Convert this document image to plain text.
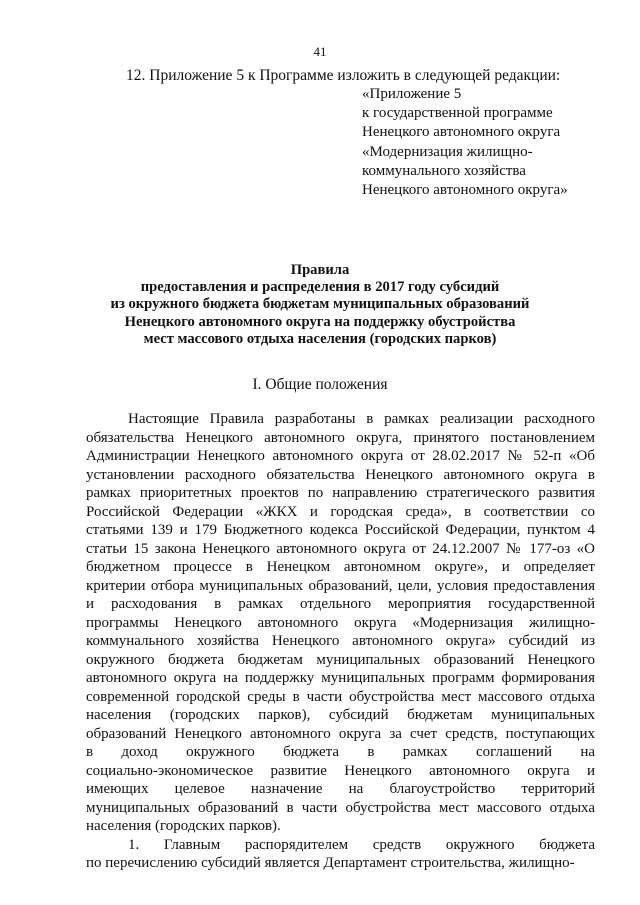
41
12. Приложение 5 к Программе изложить в следующей редакции:
«Приложение 5
к государственной программе
Ненецкого автономного округа
«Модернизация жилищно-
коммунального хозяйства
Ненецкого автономного округа»
Правила
предоставления и распределения в 2017 году субсидий
из окружного бюджета бюджетам муниципальных образований
Ненецкого автономного округа на поддержку обустройства
мест массового отдыха населения (городских парков)
I. Общие положения
Настоящие Правила разработаны в рамках реализации расходного
обязательства Ненецкого автономного округа, принятого постановлением
Администрации Ненецкого автономного округа от 28.02.2017 № 52-п «Об
установлении расходного обязательства Ненецкого автономного округа в
рамках приоритетных проектов по направлению стратегического развития
Российской Федерации «ЖКХ и городская среда», в соответствии со
статьями 139 и 179 Бюджетного кодекса Российской Федерации, пунктом 4
статьи 15 закона Ненецкого автономного округа от 24.12.2007 № 177-оз «О
бюджетном процессе в Ненецком автономном округе», и определяет
критерии отбора муниципальных образований, цели, условия предоставления
и расходования в рамках отдельного мероприятия государственной
программы Ненецкого автономного округа «Модернизация жилищно-
коммунального хозяйства Ненецкого автономного округа» субсидий из
окружного бюджета бюджетам муниципальных образований Ненецкого
автономного округа на поддержку муниципальных программ формирования
современной городской среды в части обустройства мест массового отдыха
населения (городских парков), субсидий бюджетам муниципальных
образований Ненецкого автономного округа за счет средств, поступающих
в доход окружного бюджета в рамках соглашений на
социально-экономическое развитие Ненецкого автономного округа и
имеющих целевое назначение на благоустройство территорий
муниципальных образований в части обустройства мест массового отдыха
населения (городских парков).
1. Главным распорядителем средств окружного бюджета
по перечислению субсидий является Департамент строительства, жилищно-
